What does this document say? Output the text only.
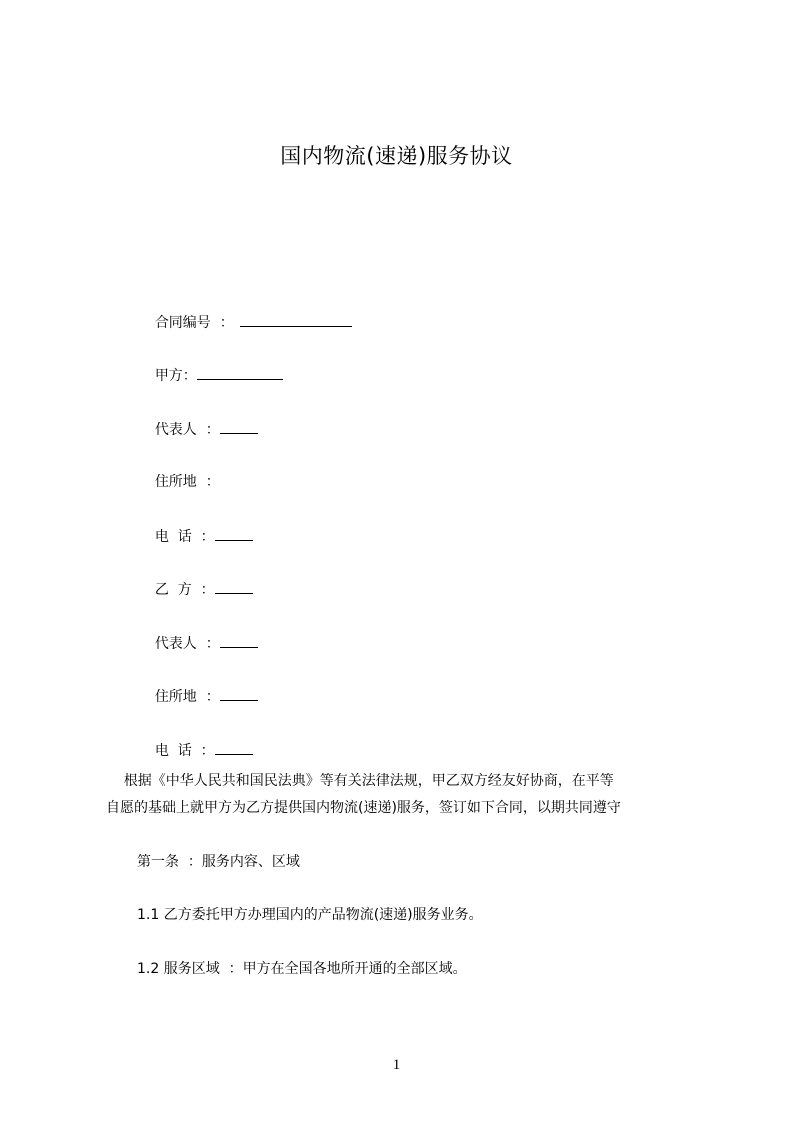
国内物流(速递)服务协议

合同编号  ：

甲方：

代表人  ：

住所地  ：

电  话  ：

乙  方  ：

代表人  ：

住所地  ：

电  话  ：

根据《中华人民共和国民法典》等有关法律法规，甲乙双方经友好协商，在平等
自愿的基础上就甲方为乙方提供国内物流(速递)服务，签订如下合同，以期共同遵守
第一条  ：服务内容、区域
1.1 乙方委托甲方办理国内的产品物流(速递)服务业务。
1.2 服务区域  ：甲方在全国各地所开通的全部区域。
1
